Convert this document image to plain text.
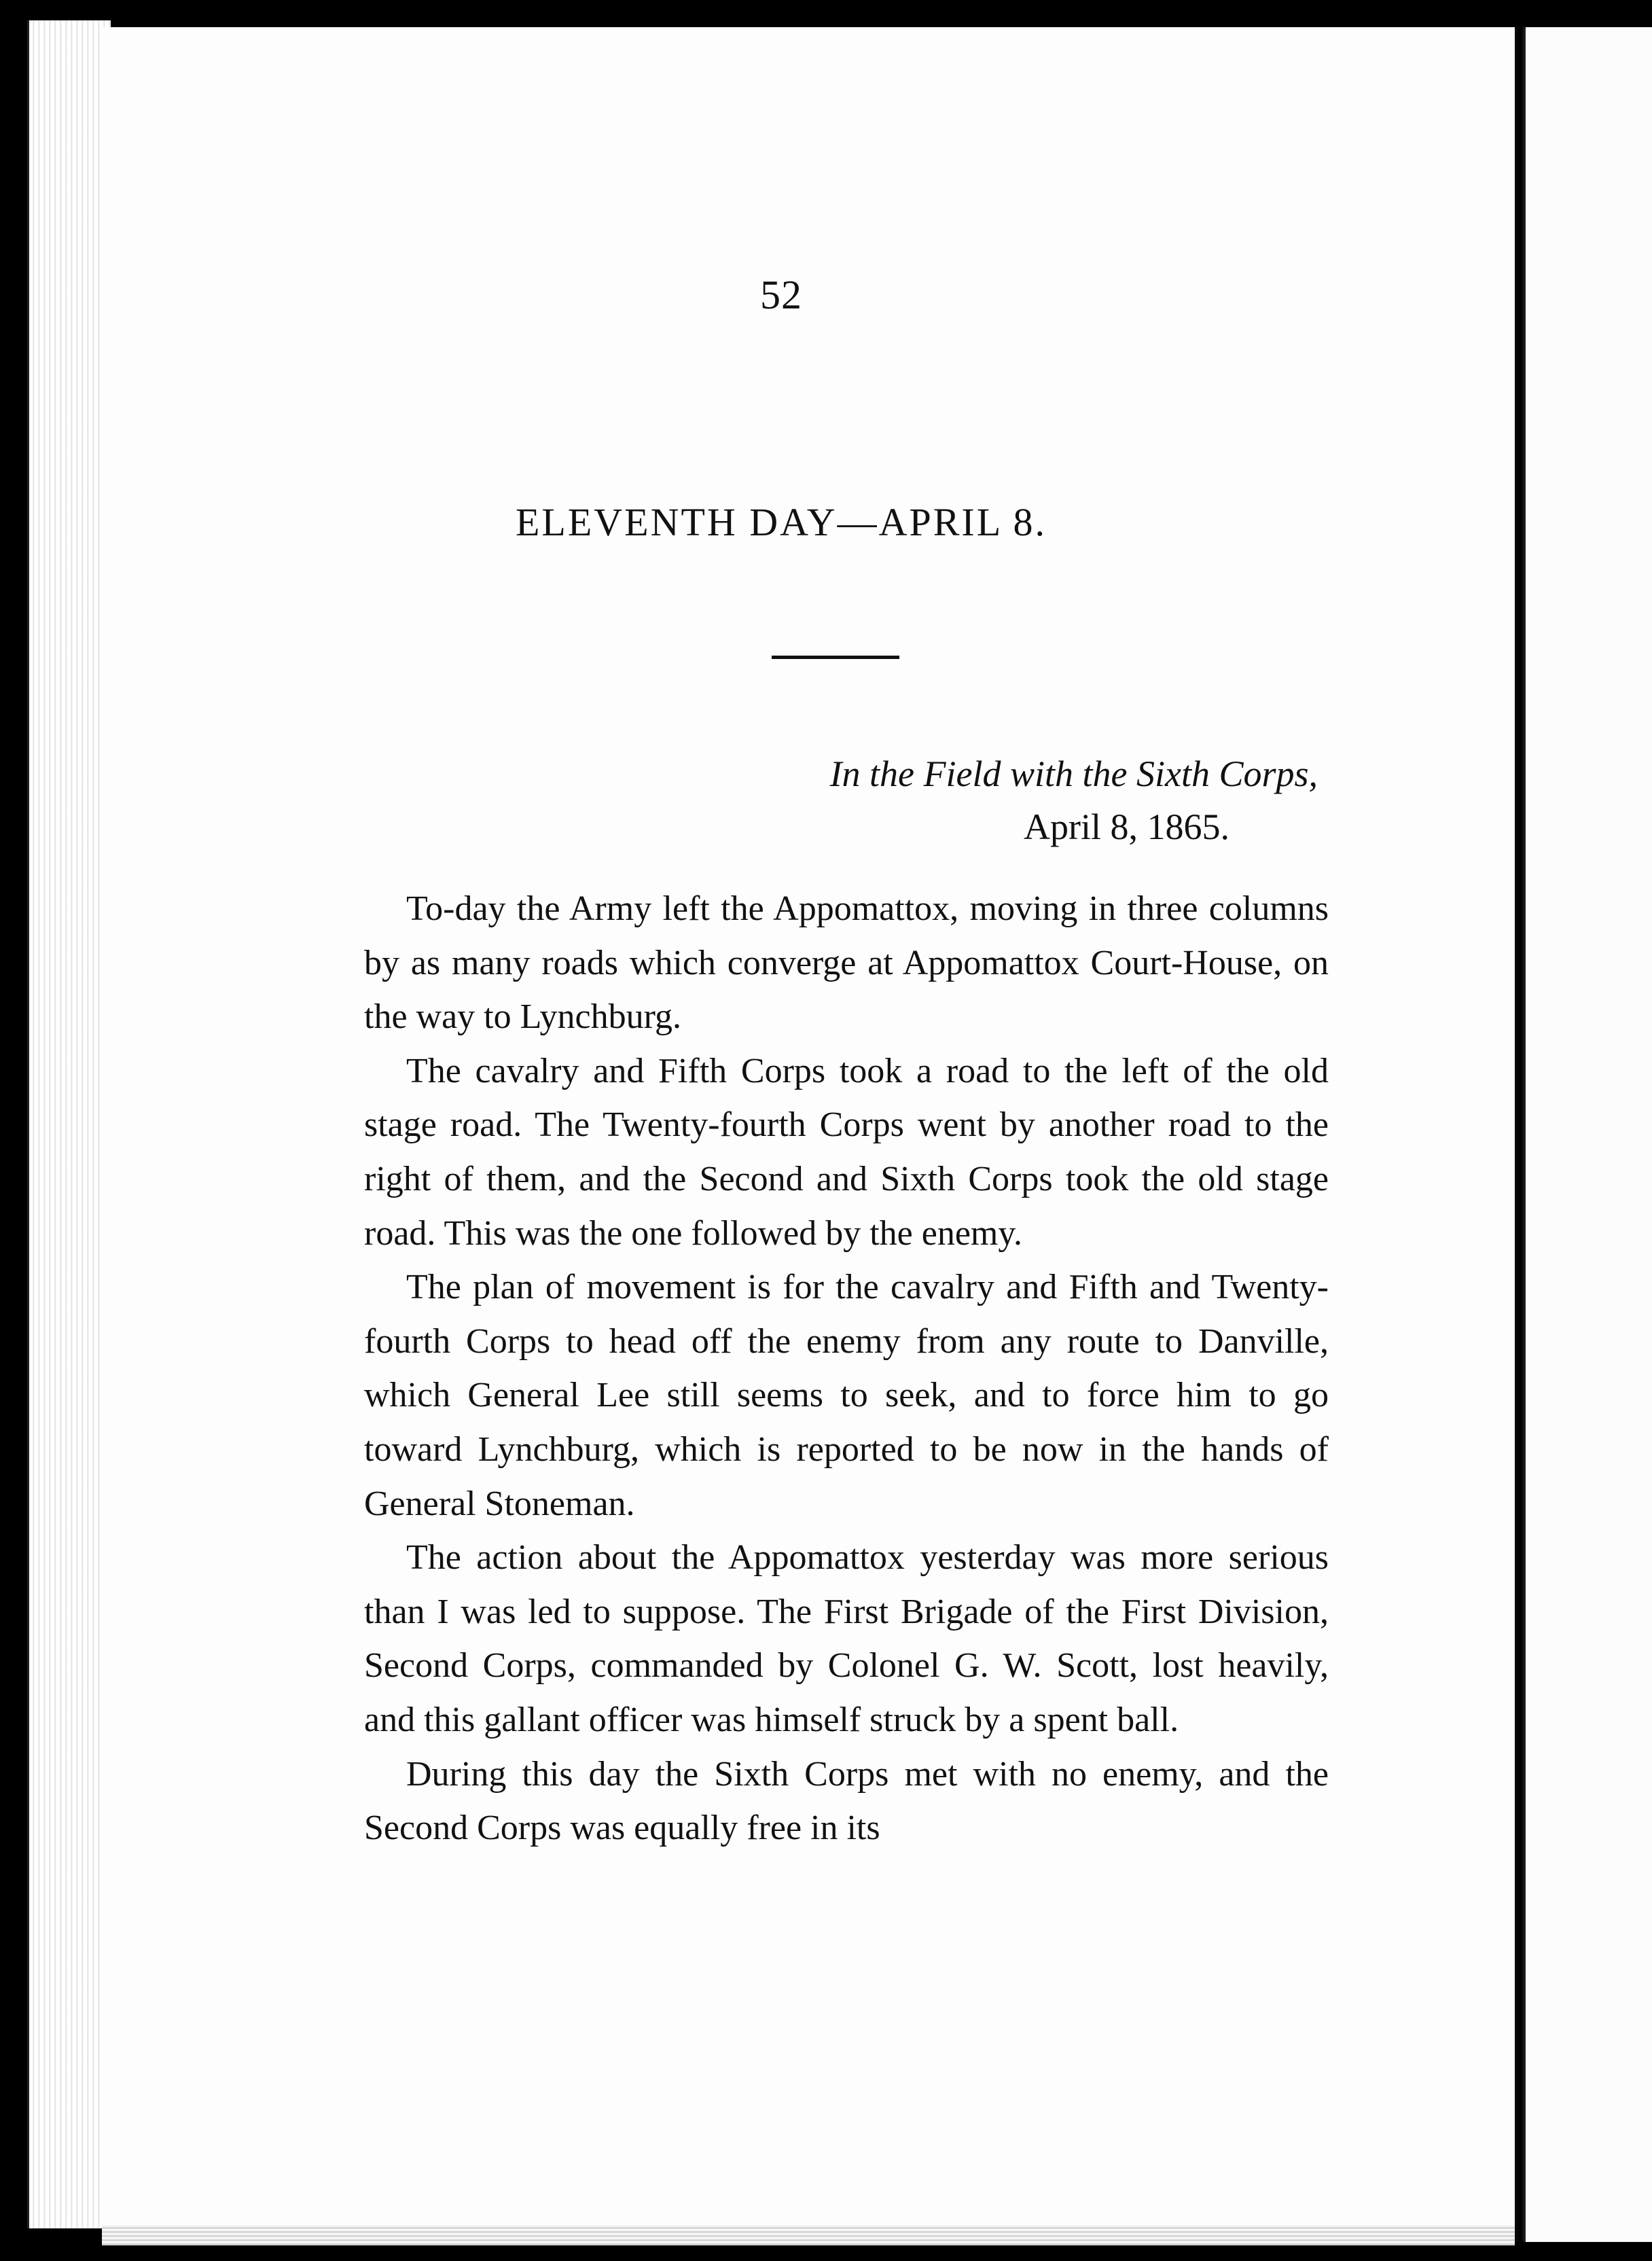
52
ELEVENTH DAY—APRIL 8.
In the Field with the Sixth Corps,
April 8, 1865.

To-day the Army left the Appomattox, moving in three columns by as many roads which converge at Appomattox Court-House, on the way to Lynchburg.

The cavalry and Fifth Corps took a road to the left of the old stage road. The Twenty-fourth Corps went by another road to the right of them, and the Second and Sixth Corps took the old stage road. This was the one followed by the enemy.

The plan of movement is for the cavalry and Fifth and Twenty-fourth Corps to head off the enemy from any route to Danville, which General Lee still seems to seek, and to force him to go toward Lynchburg, which is reported to be now in the hands of General Stoneman.

The action about the Appomattox yesterday was more serious than I was led to suppose. The First Brigade of the First Division, Second Corps, commanded by Colonel G. W. Scott, lost heavily, and this gallant officer was himself struck by a spent ball.

During this day the Sixth Corps met with no enemy, and the Second Corps was equally free in its
